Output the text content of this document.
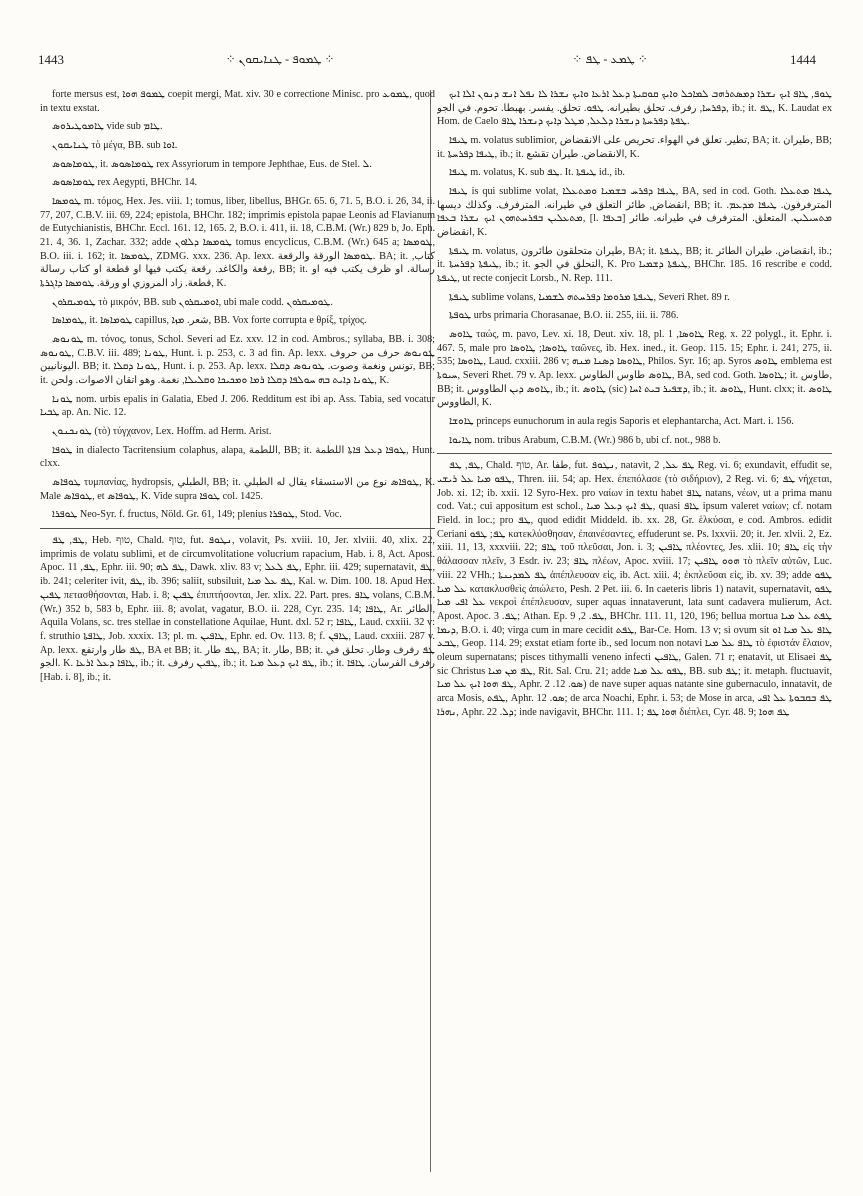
1443	⁘ ܛܡܘܦ - ܛܢܐܝܩܘܢ ⁘	⁘ ܛܡܥ - ܛܦ ⁘	1444

forte mersus est, ܛܡܘܦ ܗܘܐ coepit mergi, Mat. xiv. 30 e correctione Minisc. pro ܛܡܘܥ, quod in textu exstat.

ܛܐܡܘܛܝܪܘܣ vide sub ܛܐܡ.

ܛܢܐܝܩܘܢ τὸ μέγα, BB. sub ܐܘܐ.

ܛܘܡܐܣܘܣ, it. ܛܘܡܐܣܘܣ rex Assyriorum in tempore Jephthae, Eus. de Stel. ܠ.

ܛܘܡܐܣܘܣ rex Aegypti, BHChr. 14.

ܛܘܡܣܐ m. τόμος, Hex. Jes. viii. 1; tomus, liber, libellus, BHGr. 65. 6, 71. 5, B.O. i. 26, 34, ii. 77, 207, C.B.V. iii. 69, 224; epistola, BHChr. 182; imprimis epistola papae Leonis ad Flavianum de Eutychianistis, BHChr. Eccl. 161. 12, 165. 2, B.O. i. 411, ii. 18, C.B.M. (Wr.) 829 b, Jo. Eph. 21. 4, 36. 1, Zachar. 332; adde ܛܘܡܣܐ ܕܠܐܘܢ tomus encyclicus, C.B.M. (Wr.) 645 a; ܛܘܡܣܐ, B.O. iii. i. 162; it. ܛܘܡܣܐ, ZDMG. xxx. 236. Ap. lexx. ܛܘܡܣܐ الورقة والرقعة. BA; it. كتاب, رقعة والكاغد. رقعة يكتب فيها او قطعة او كتاب رسالة, BB; it. رسالة. او ظرف يكتب فيه او قطعة. زاد المروزي او ورقة. ܛܘܡܣܐ ܕܐܓܪܬܐ, K.

ܛܘܡܝܩܪܘܢ τὸ μικρόν, BB. sub ܐܘܡܝܩܪܘܢ, ubi male codd. ܛܘܡܝܩܪܘܢ.

ܛܘܡܐܣܐ, it. ܛܘܡܐܣܐ capillus, شعر. ܡܙܐ, BB. Vox forte corrupta e θρίξ, τρίχος.

ܛܘܢܘܣ m. τόνος, tonus, Schol. Severi ad Ez. xxv. 12 in cod. Ambros.; syllaba, BB. i. 308; ܛܘܢܘܣ, C.B.V. iii. 489; ܛܘܢܐ, Hunt. i. p. 253, c. 3 ad fin. Ap. lexx. ܛܘܢܘܣ حرف من حروف اليونانيين. BB; it. ܛܘܢܐ ܕܩܠܐ, Hunt. i. p. 253. Ap. lexx. تونس ونغمة وصوت. ܛܘܢܘܣ ܕܩܠܐ, BB; it. ܛܘܢܐ ܕܐܝܬ ܒܗ ܚܘܠܦܐ ܕܩܠܐ ܪܡܐ ܘܡܟܝܟܐ ܘܩܠܝܠܐ, نغمة. وهو اتقان الاصوات. ولحن, K.

ܛܘܢܐ nom. urbis epalis in Galatia, Ebed J. 206. Redditum est ibi ap. Ass. Tabia, sed vocatur ܛܒܝܐ ap. An. Nic. 12.

ܛܘܢܟܢܘܢ (τὸ) τύγχανον, Lex. Hoffm. ad Herm. Arist.

ܛܘܦܐ in dialecto Tacritensium colaphus, alapa, اللطمة, BB; it. ܛܘܦܐ ܕܥܠ ܦܐܬܐ اللطمة, Hunt. clxx.

ܛܘܦܐܣ τυμπανίας, hydropsis, الطبلي, BB; it. ܛܘܦܐܣ نوع من الاستسقاء يقال له الطبلي, K. Male ܛܘܦܐܣ, et ܛܘܦܐܣ, K. Vide supra ܛܘܦܐ col. 1425.

ܛܘܦܪܐ Neo-Syr. f. fructus, Nöld. Gr. 61, 149; plenius ܛܘܦܪܐ, Stod. Voc.

ܛܦ, ܛܦ, Heb. טוף, Chald. טוף, fut. ܢܛܘܦ, volavit, Ps. xviii. 10, Jer. xlviii. 40, xlix. 22, imprimis de volatu sublimi, et de circumvolitatione volucrium rapacium, Hab. i. 8, Act. Apost. Apoc. ܛܦ, 11, Ephr. iii. 90; ܛܦ ܠܗ, Dawk. xliv. 83 v; ܛܦ ܠܥܠ, Ephr. iii. 429; supernatavit, ܛܦ, ib. 241; celeriter ivit, ܛܦ, ib. 396; saliit, subsiluit, ܛܦ ܥܠ ܡܝܐ, Kal. w. Dim. 100. 18. Apud Hex. ܛܦܝܢ πετασθήσονται, Hab. i. 8; ܛܦܝܢ ἐπιπτήσονται, Jer. xlix. 22. Part. pres. ܛܐܦ volans, C.B.M. (Wr.) 352 b, 583 b, Ephr. iii. 8; avolat, vagatur, B.O. ii. 228, Cyr. 235. 14; ܛܐܦܐ, Ar. الطائر, Aquila Volans, sc. tres stellae in constellatione Aquilae, Hunt. dxl. 52 r; ܛܐܦܐ, Laud. cxxiii. 32 v: f. struthio ܛܐܦܬܐ, Job. xxxix. 13; pl. m. ܛܐܦܝܢ, Ephr. ed. Ov. 113. 8; f. ܛܐܦܢ, Laud. cxxiii. 287 v. Ap. lexx. ܛܦ طار وارتفع, BA et BB; it. ܛܦ طار, BA; it. طار, BB; it. ܛܦ رفرف وطار. تحلق في الجو. K. ܛܐܦܐ ܕܥܠ ܐܪܥܐ, ib.; it. ܛܦܝܢ رفرف, ib.; it. ܛܦ ܐܝܟ ܕܥܠ ܡܝܐ, ib.; it. رفرف الفرسان. ܛܐܦܐ [Hab. i. 8], ib.; it.

ܛܘܦ, ܛܐܦ ܐܝܟ ܢܫܪܐ ܕܡܣܬܪܗܒ ܠܡܐܟܠ ܘܐܝܟ ܩܘܩܝܬܐ ܕܥܠ ܐܪܥܐ ܘܐܝܟ ܢܫܪܐ ܠܐ ܢܦܠ ܐܢܫ ܕܢܘܢ ܐܠܐ ܐܝܟ ܕܦܪܚܐ, رفرف. تحلق بطيرانه. ܛܦܘ. تحلق. يفسر. بهبطا. تحوم. في الجو, ib.; it. ܛܦ, K. Laudat ex Hom. de Caelo ܛܦܬܐ ܕܦܪܚܬܐ ܕܢܫܪܐ ܕܠܥܠ, ܡܛܠ ܕܐܝܟ ܕܢܫܪܐ ܛܐܦ.

ܛܝܦܐ m. volatus sublimior, تطير. تعلق في الهواء. تحريص على الانقضاض, BA; it. طيران, BB; it. ܛܝܦܐ ܕܦܪܚܬܐ, ib.; it. الانقضاض. طيران تقشع, K.

ܛܝܦܐ m. volatus, K. sub ܛܦ. It. ܛܝܦܬܐ id., ib.

ܛܝܦܐ is qui sublime volat, ܛܝܦܐ ܕܦܪܚ ܒܫܡܝܐ ܘܡܬܥܠܐ, BA, sed in cod. Goth. ܛܝܦܐ ܡܬܥܠܐ انقضاض, طائر التعلق في طيرانه. المترفرف. وكذلك ديسها, BB; it. المترفرفون. ܛܝܦܐ ܡܕܥܡ. ܡܬܥܠܝܢ ܒܦܪܚܬܗܘܢ ܐܝܟ ܢܫܪܐ ܒܥܦܐ, [l. ܒܥܦܐ] ܡܬܚܝܠܝܢ. المتعلق. المترفرف في طيرانه. طائر انقضاض, K.

ܛܝܦܬܐ m. volatus, طيران متحلقون طائرون, BA; it. ܛܝܦܬܐ, BB; it. انقضاض. طيران الطائر, ib.; it. ܛܝܦܬܐ ܕܦܪܚܬܐ, ib.; it. التحلق في الجو, K. Pro ܛܝܦܬܐ ܕܫܡܝܐ, BHChr. 185. 16 rescribe e codd. ܛܝܦܬܐ, ut recte conjecit Lorsb., N. Rep. 111.

ܛܝܦܬܐ sublime volans, ܛܝܦܬܐ ܡܪܘܡܐ ܕܦܪܚܬܗ ܠܫܡܝܐ, Severi Rhet. 89 r.

ܛܘܦܬܐ urbs primaria Chorasanae, B.O. ii. 255, iii. ii. 786.

ܛܐܘܣ ταώς, m. pavo, Lev. xi. 18, Deut. xiv. 18, pl. ܛܐܘܣܐ, 1 Reg. x. 22 polygl., it. Ephr. i. 467. 5, male pro ܛܐܘܣܐ; ܛܐܘܣܐ ταῶνες, ib. Hex. ined., it. Geop. 115. 15; Ephr. i. 241, 275, ii. 535; ܛܐܘܣܐ, Laud. cxxiii. 286 v; ܛܐܘܣܐ ܕܣܢܐ ܡܢܗ, Philos. Syr. 16; ap. Syros ܛܐܘܣ emblema est ܚܝܘܬܐ, Severi Rhet. 79 v. Ap. lexx. ܛܐܘܣ طاوس الطاوس, BA, sed cod. Goth. ܛܐܘܣܐ; it. طاوس, BB; it. ܛܐܘܣ ܕܝܢ الطاووس, ib.; it. ܛܐܘܣ (sic) ܕܫܦܝܪ ܒܝܬ ܐܚܐ, ib.; it. ܛܐܘܣ, Hunt. clxx; it. ܛܐܘܣ الطاووس, K.

ܛܐܘܫܐ princeps eunuchorum in aula regis Saporis et elephantarcha, Act. Mart. i. 156.

ܛܐܝܘܐ nom. tribus Arabum, C.B.M. (Wr.) 986 b, ubi cf. not., 988 b.

ܛܦ, ܛܦ, Chald. טוף, Ar. طفا, fut. ܢܛܘܦ, natavit, ܛܦ ܥܠ, 2 Reg. vi. 6; exundavit, effudit se, ܛܦܘ ܡܝܐ ܥܠ ܪܝܫܝ, Thren. iii. 54; ap. Hex. ἐπεπόλασε (τὸ σιδήριον), 2 Reg. vi. 6; ܛܦ νήχεται, Job. xi. 12; ib. xxii. 12 Syro-Hex. pro ναίων in textu habet ܛܐܦ natans, νέων, ut a prima manu cod. Vat.; cui appositum est schol., ܛܦ ܐܝܟ ܕܥܠ ܡܝܐ, quasi ܛܐܦ ipsum valeret ναίων; cf. notam Field. in loc.; pro ܛܦ, quod edidit Middeld. ib. xx. 28, Gr. ἑλκύσαι, e cod. Ambros. edidit Ceriani ܛܦ; ܛܦܘ κατεκλύσθησαν, ἐπαινέσαντες, effuderunt se. Ps. lxxvii. 20; it. Jer. xlvii. 2, Ez. xiii. 11, 13, xxxviii. 22; ܛܐܦ τοῦ πλεῦσαι, Jon. i. 3; ܛܐܦܝܢ πλέοντες, Jes. xlii. 10; ܛܐܦ εἰς τὴν θάλασσαν πλεῖν, 3 Esdr. iv. 23; ܛܐܦ πλέων, Apoc. xviii. 17; ܗܘܘ ܛܐܦܝܢ τὸ πλεῖν αὐτῶν, Luc. viii. 22 VHh.; ܛܦ ܠܡܕܝܢܬܐ ἀπέπλευσαν εἰς, ib. Act. xiii. 4; ἐκπλεῦσαι εἰς, ib. xv. 39; adde ܛܦܘ ܥܠ ܡܝܐ κατακλυσθεὶς ἀπώλετο, Pesh. 2 Pet. iii. 6. In caeteris libris 1) natavit, supernatavit, ܛܦܘ ܥܠ ܐܦܝ ܡܝܐ νεκροὶ ἐπέπλευσαν, super aquas innataverunt, lata sunt cadavera mulierum, Act. Apost. Apoc. ܛܦ. 3; Athan. Ep. ܛܦ. 2, 9, BHChr. 111. 11, 120, 196; bellua mortua ܛܦܬ ܥܠ ܡܝܐ ܕܝܡܐ, B.O. i. 40; virga cum in mare cecidit ܛܦܬ, Bar-Ce. Hom. 13 v; si ovum sit ܛܐܦ ܥܠ ܡܝܐ ܐܘ ܛܒܥ, Geop. 114. 29; exstat etiam forte ib., sed locum non notavi ܛܐܦ ܥܠ ܡܝܐ τὸ ἐφιστάν ἔλαιον, oleum supernatans; pisces tithymalli veneno infecti ܛܐܦܝܢ, Galen. 71 r; enatavit, ut Elisaei ܛܦ sic Christus ܛܦ ܡܢ ܡܝܐ, Rit. Sal. Cru. 21; adde ܛܦܘ ܥܠ ܡܝܐ, BB. sub ܛܦ; it. metaph. fluctuavit, ܛܦ ܗܘܐ ܐܝܟ ܥܠ ܡܝܐ, Aphr. ܣܘ. 12. 2) de nave super aquas natante sine gubernaculo, innatavit, de arca Mosis, ܛܦܬ, Aphr. ܣܘ. 12; de arca Noachi, Ephr. i. 53; de Mose in arca, ܛܦ ܒܩܒܘܬܐ ܥܠ ܐܦܝ ܢܗܪܐ, Aphr. ܕܠ. 22; inde navigavit, BHChr. 111. 1; ܗܘܐ ܛܦ διέπλει, Cyr. 48. 9; ܛܦ ܗܘܐ
